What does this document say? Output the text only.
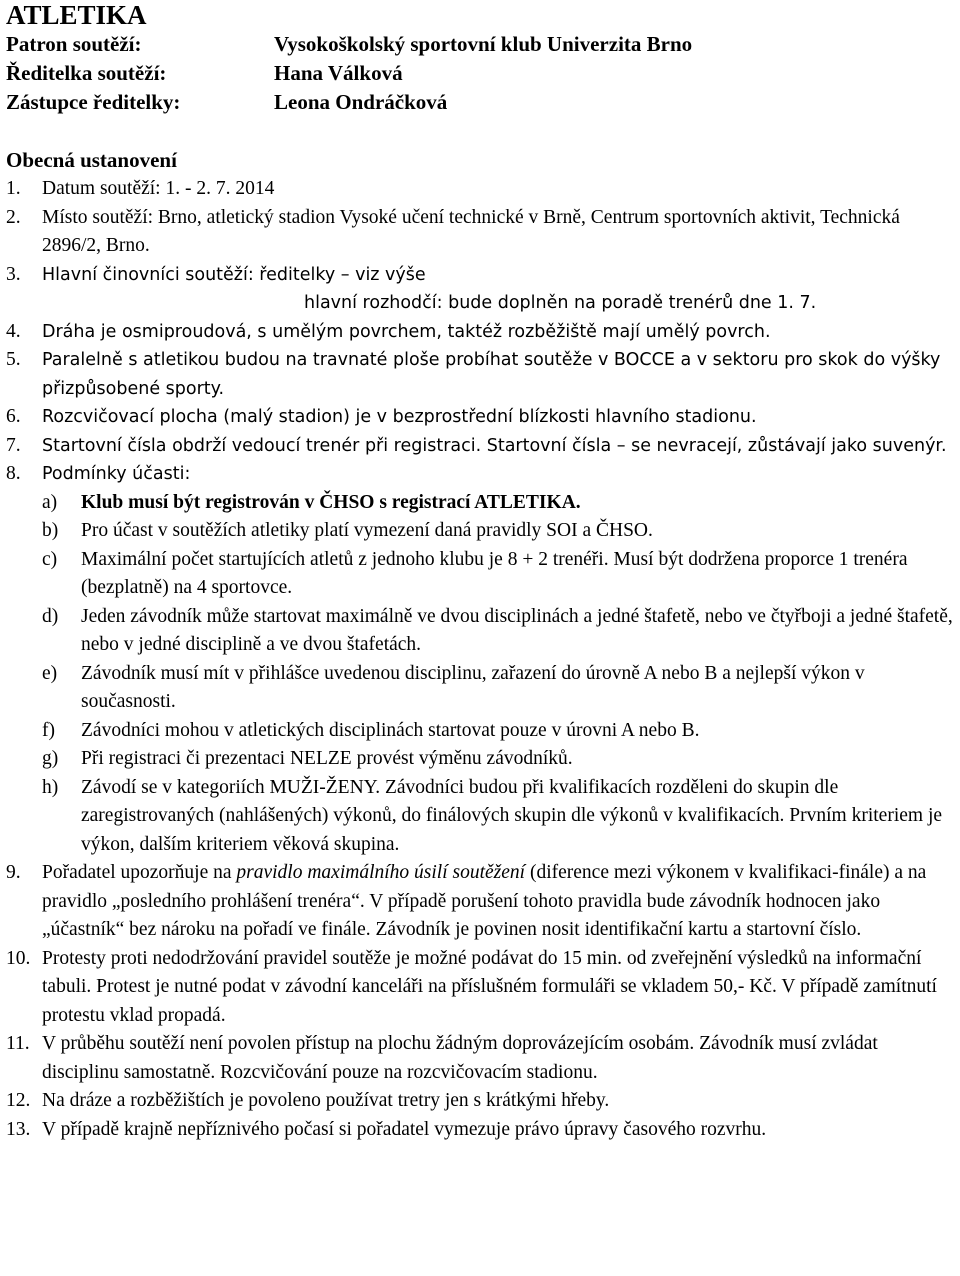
ATLETIKA
Patron soutěží:	Vysokoškolský sportovní klub Univerzita Brno
Ředitelka soutěží:	Hana Válková
Zástupce ředitelky:	Leona Ondráčková
Obecná ustanovení
1.	Datum soutěží: 1. - 2. 7. 2014
2.	Místo soutěží: Brno, atletický stadion Vysoké učení technické v Brně, Centrum sportovních aktivit, Technická 2896/2, Brno.
3.	Hlavní činovníci soutěží: ředitelky – viz výše
hlavní rozhodčí: bude doplněn na poradě trenérů dne 1. 7.
4.	Dráha je osmiproudová, s umělým povrchem, taktéž rozběžiště mají umělý povrch.
5.	Paralelně s atletikou budou na travnaté ploše probíhat soutěže v BOCCE a v sektoru pro skok do výšky přizpůsobené sporty.
6.	Rozcvičovací plocha (malý stadion) je v bezprostřední blízkosti hlavního stadionu.
7.	Startovní čísla obdrží vedoucí trenér při registraci. Startovní čísla – se nevracejí, zůstávají jako suvenýr.
8.	Podmínky účasti:
a)	Klub musí být registrován v ČHSO s registrací ATLETIKA.
b)	Pro účast v soutěžích atletiky platí vymezení daná pravidly SOI a ČHSO.
c)	Maximální počet startujících atletů z jednoho klubu je 8 + 2 trenéři. Musí být dodržena proporce 1 trenéra (bezplatně) na 4 sportovce.
d)	Jeden závodník může startovat maximálně ve dvou disciplinách a jedné štafetě, nebo ve čtyřboji a jedné štafetě, nebo v jedné disciplině a ve dvou štafetách.
e)	Závodník musí mít v přihlášce uvedenou disciplinu, zařazení do úrovně A nebo B a nejlepší výkon v současnosti.
f)	Závodníci mohou v atletických disciplinách startovat pouze v úrovni A nebo B.
g)	Při registraci či prezentaci NELZE provést výměnu závodníků.
h)	Závodí se v kategoriích MUŽI-ŽENY. Závodníci budou při kvalifikacích rozděleni do skupin dle zaregistrovaných (nahlášených) výkonů, do finálových skupin dle výkonů v kvalifikacích. Prvním kriteriem je výkon, dalším kriteriem věková skupina.
9.	Pořadatel upozorňuje na pravidlo maximálního úsilí soutěžení (diference mezi výkonem v kvalifikaci-finále) a na pravidlo „posledního prohlášení trenéra“. V případě porušení tohoto pravidla bude závodník hodnocen jako „účastník“ bez nároku na pořadí ve finále. Závodník je povinen nosit identifikační kartu a startovní číslo.
10. Protesty proti nedodržování pravidel soutěže je možné podávat do 15 min. od zveřejnění výsledků na informační tabuli. Protest je nutné podat v závodní kanceláři na příslušném formuláři se vkladem 50,- Kč. V případě zamítnutí protestu vklad propadá.
11. V průběhu soutěží není povolen přístup na plochu žádným doprovázejícím osobám. Závodník musí zvládat disciplinu samostatně. Rozcvičování pouze na rozcvičovacím stadionu.
12. Na dráze a rozběžištích je povoleno používat tretry jen s krátkými hřeby.
13. V případě krajně nepříznivého počasí si pořadatel vymezuje právo úpravy časového rozvrhu.
